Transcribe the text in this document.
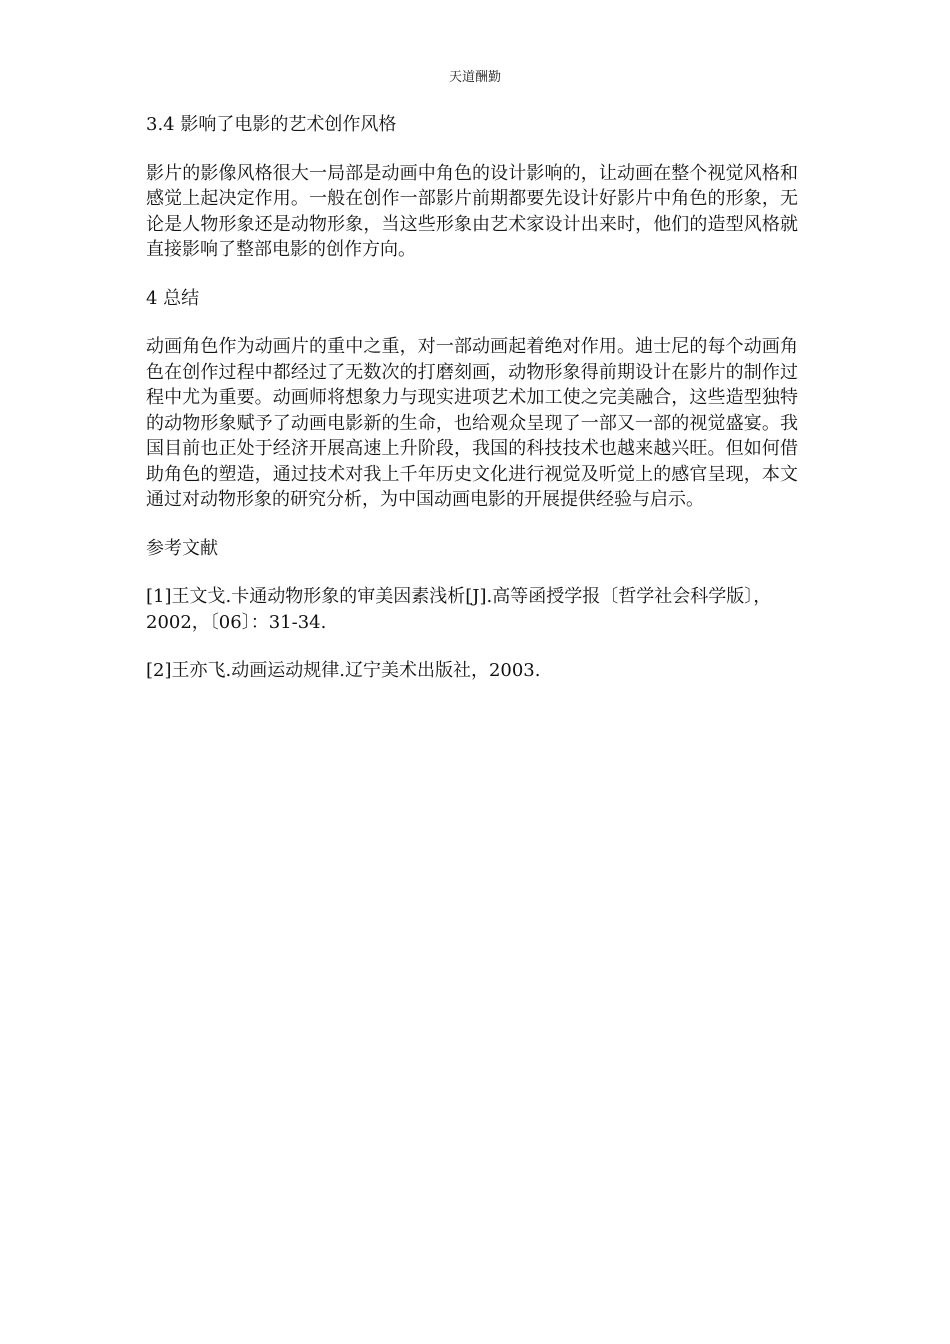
天道酬勤
3.4 影响了电影的艺术创作风格
影片的影像风格很大一局部是动画中角色的设计影响的，让动画在整个视觉风格和感觉上起决定作用。一般在创作一部影片前期都要先设计好影片中角色的形象，无论是人物形象还是动物形象，当这些形象由艺术家设计出来时，他们的造型风格就直接影响了整部电影的创作方向。
4 总结
动画角色作为动画片的重中之重，对一部动画起着绝对作用。迪士尼的每个动画角色在创作过程中都经过了无数次的打磨刻画，动物形象得前期设计在影片的制作过程中尤为重要。动画师将想象力与现实进项艺术加工使之完美融合，这些造型独特的动物形象赋予了动画电影新的生命，也给观众呈现了一部又一部的视觉盛宴。我国目前也正处于经济开展高速上升阶段，我国的科技技术也越来越兴旺。但如何借助角色的塑造，通过技术对我上千年历史文化进行视觉及听觉上的感官呈现，本文通过对动物形象的研究分析，为中国动画电影的开展提供经验与启示。
参考文献
[1]王文戈.卡通动物形象的审美因素浅析[J].高等函授学报〔哲学社会科学版〕，2002，〔06〕：31-34.
[2]王亦飞.动画运动规律.辽宁美术出版社，2003.
